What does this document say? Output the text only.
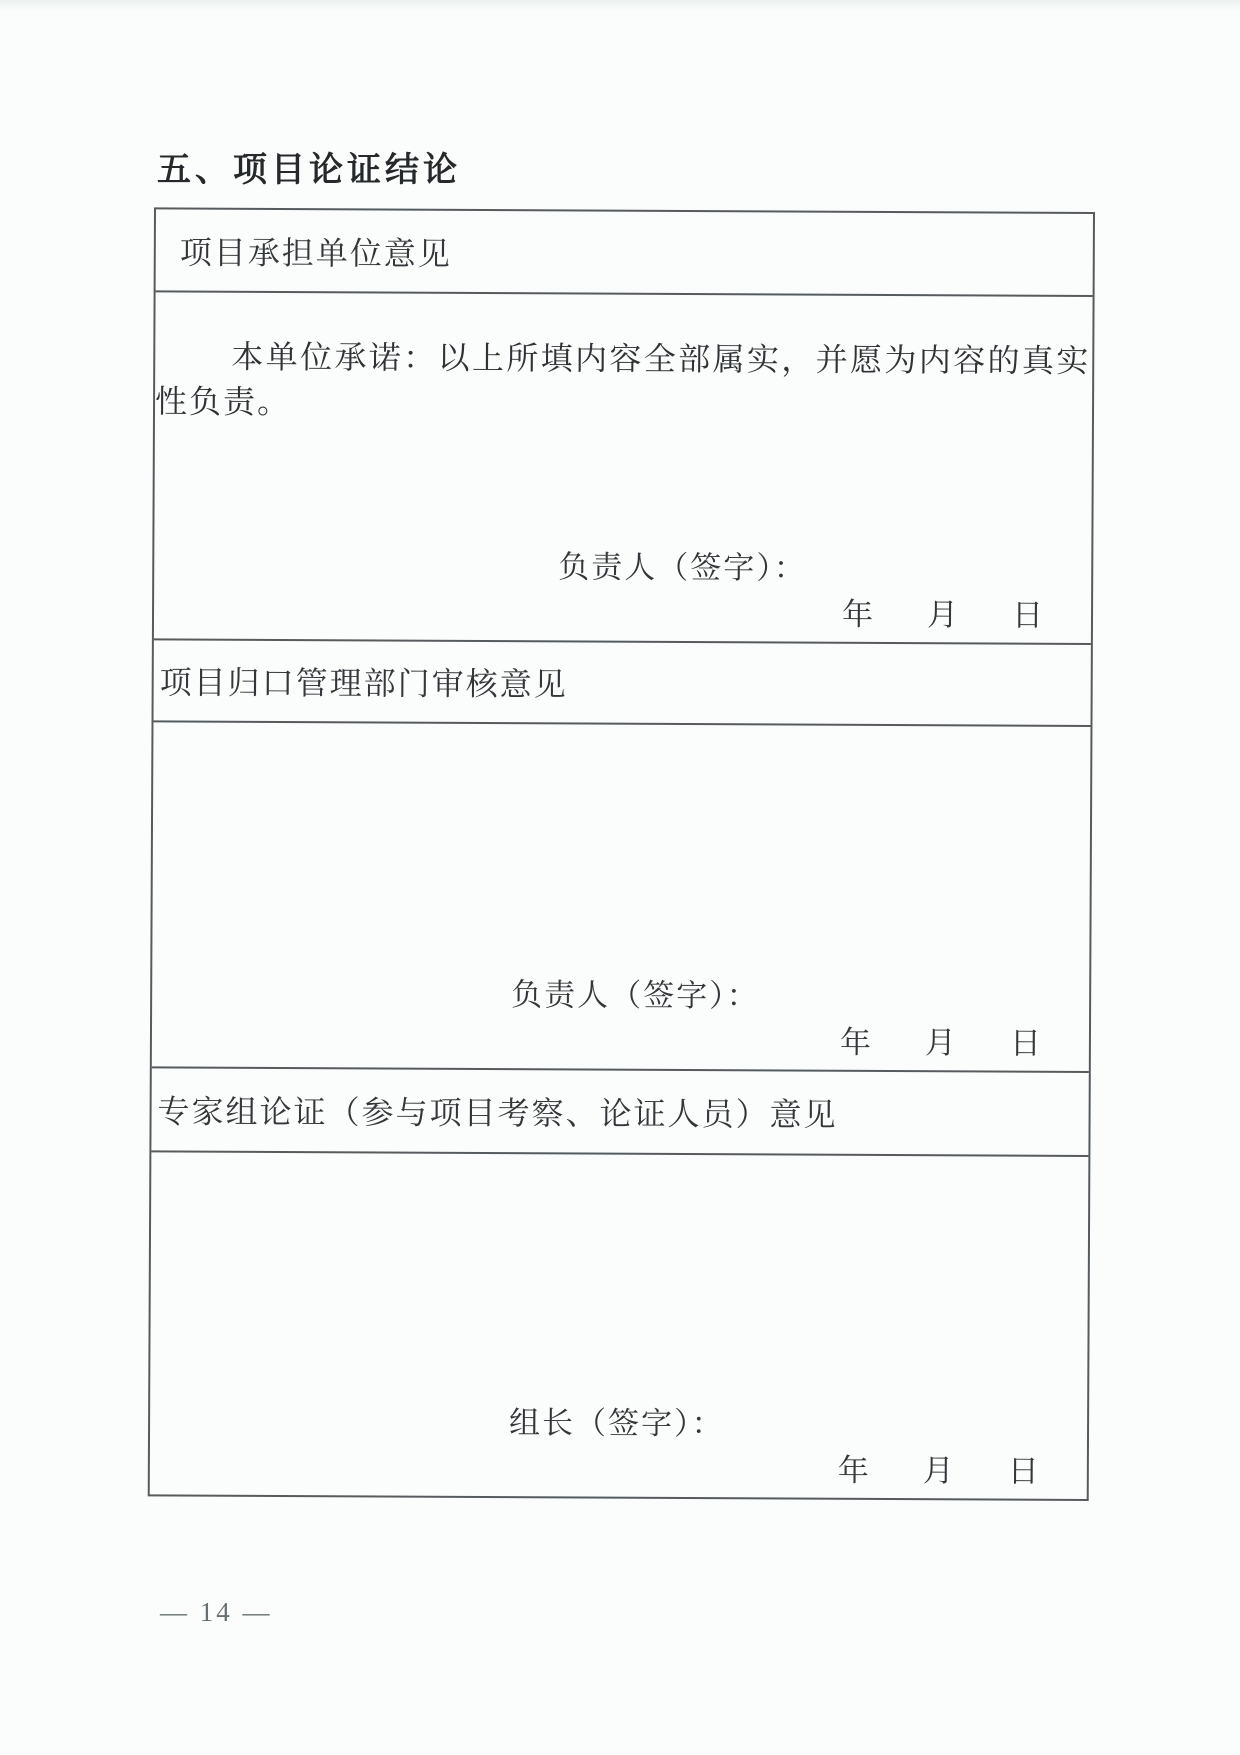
五、项目论证结论
项目承担单位意见

本单位承诺：以上所填内容全部属实，并愿为内容的真实性负责。

负责人（签字）：
年 月 日
项目归口管理部门审核意见
负责人（签字）：
年 月 日
专家组论证（参与项目考察、论证人员）意见
组长（签字）：
年 月 日
— 14 —
